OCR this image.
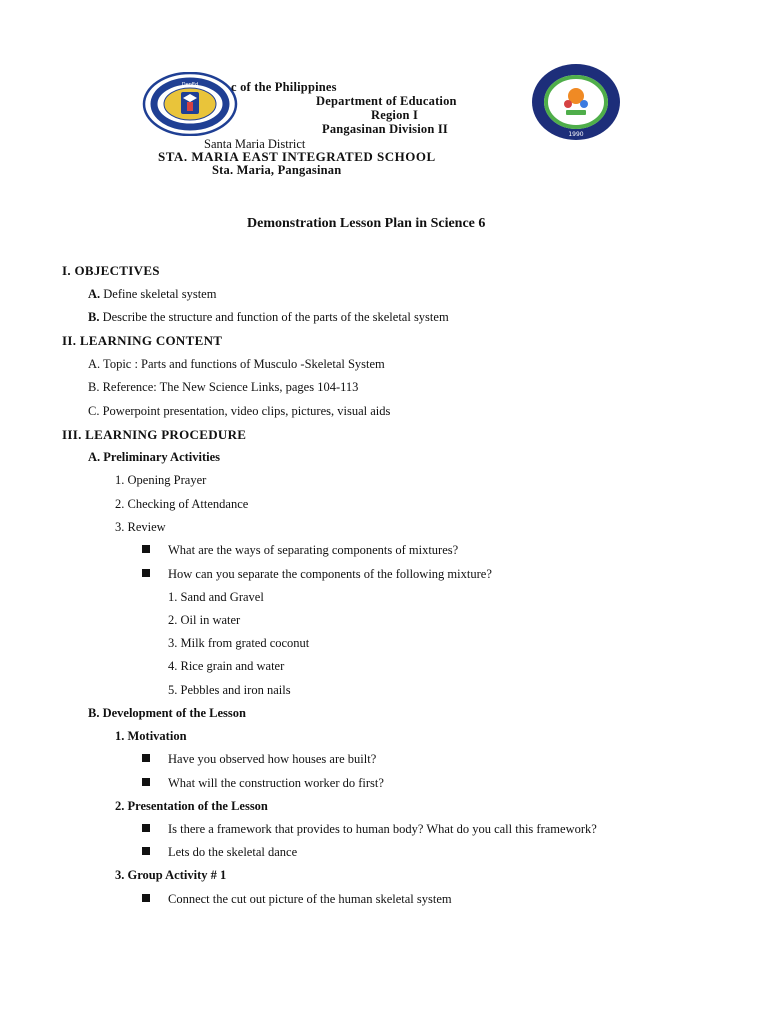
DepEd
1990
c of the Philippines
Department of Education
Region I
Pangasinan Division II
Santa Maria District
STA. MARIA EAST INTEGRATED SCHOOL
Sta. Maria, Pangasinan
Demonstration Lesson Plan in Science 6
I. OBJECTIVES
A. Define skeletal system
B. Describe the structure and function of the parts of the skeletal system
II. LEARNING CONTENT
A. Topic : Parts and functions of Musculo -Skeletal System
B. Reference: The New Science Links, pages 104-113
C. Powerpoint presentation, video clips, pictures, visual aids
III. LEARNING PROCEDURE
A. Preliminary Activities
1. Opening Prayer
2. Checking of Attendance
3. Review
What are the ways of separating components of mixtures?
How can you separate the components of the following mixture?
1. Sand and Gravel
2. Oil in water
3. Milk from grated coconut
4. Rice grain and water
5. Pebbles and iron nails
B. Development of the Lesson
1. Motivation
Have you observed how houses are built?
What will the construction worker do first?
2. Presentation of the Lesson
Is there a framework that provides to human body? What do you call this framework?
Lets do the skeletal dance
3. Group Activity # 1
Connect the cut out picture of the human skeletal system
